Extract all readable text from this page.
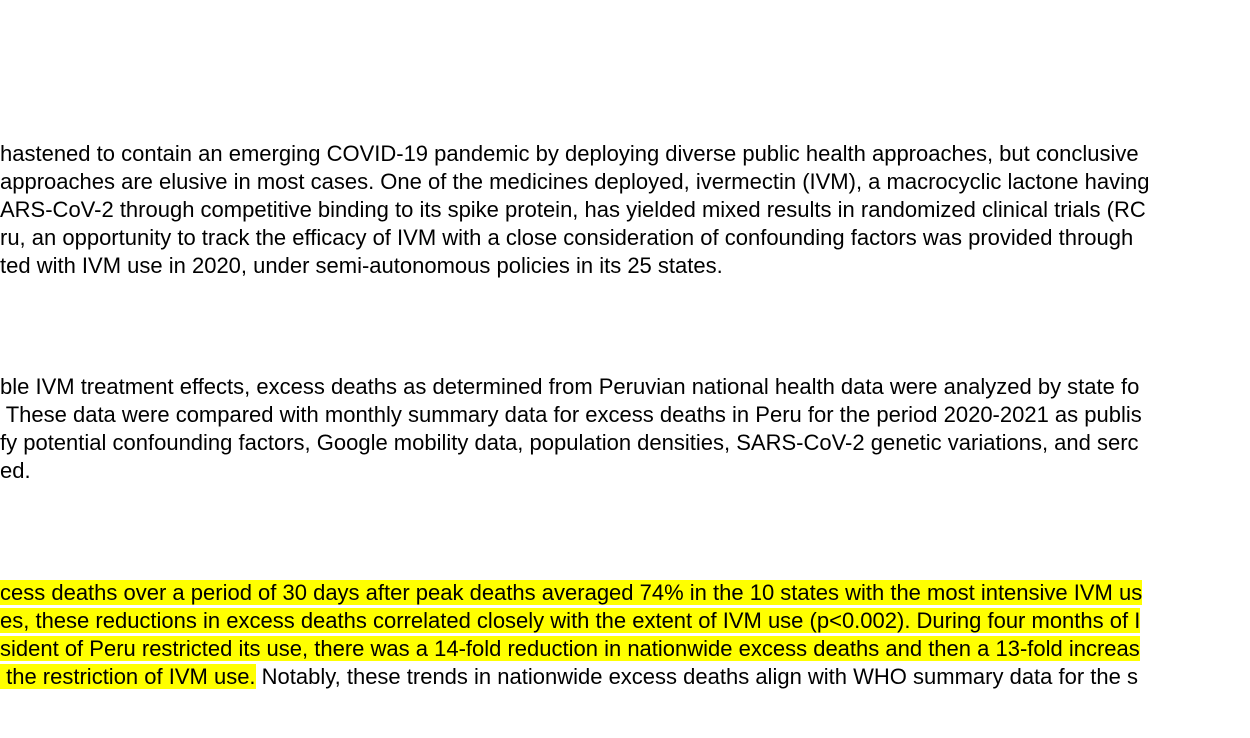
hastened to contain an emerging COVID-19 pandemic by deploying diverse public health approaches, but conclusive

approaches are elusive in most cases. One of the medicines deployed, ivermectin (IVM), a macrocyclic lactone having

ARS-CoV-2 through competitive binding to its spike protein, has yielded mixed results in randomized clinical trials (RC

ru, an opportunity to track the efficacy of IVM with a close consideration of confounding factors was provided through

ted with IVM use in 2020, under semi-autonomous policies in its 25 states.

ble IVM treatment effects, excess deaths as determined from Peruvian national health data were analyzed by state fo

These data were compared with monthly summary data for excess deaths in Peru for the period 2020-2021 as publis

fy potential confounding factors, Google mobility data, population densities, SARS-CoV-2 genetic variations, and serc

ed.

cess deaths over a period of 30 days after peak deaths averaged 74% in the 10 states with the most intensive IVM us

es, these reductions in excess deaths correlated closely with the extent of IVM use (p<0.002). During four months of I

sident of Peru restricted its use, there was a 14-fold reduction in nationwide excess deaths and then a 13-fold increas

the restriction of IVM use. Notably, these trends in nationwide excess deaths align with WHO summary data for the s
